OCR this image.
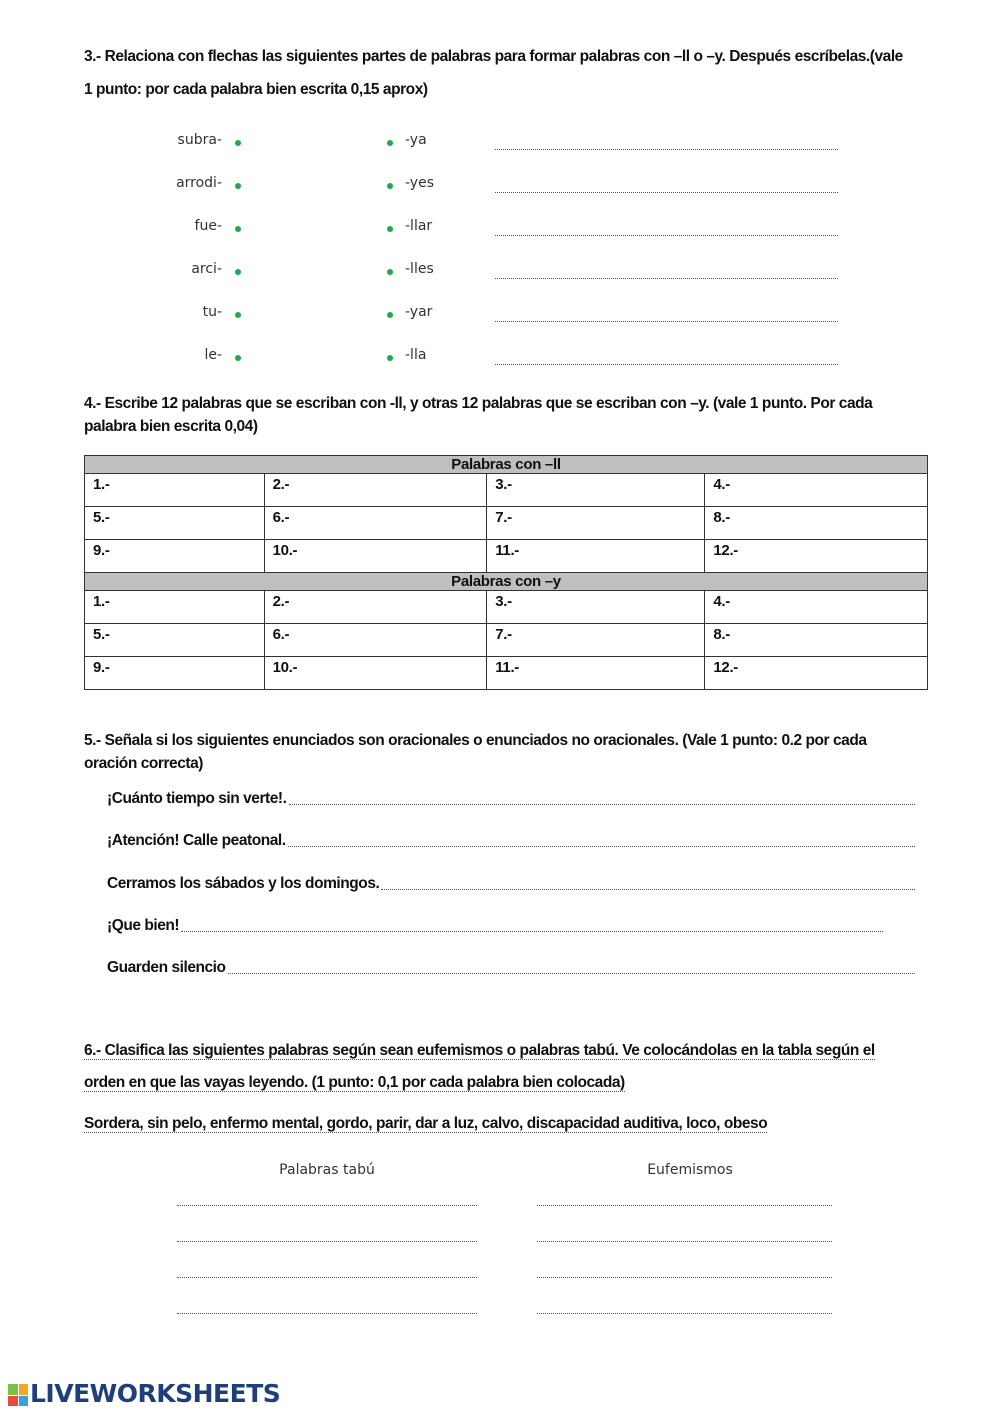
3.- Relaciona con flechas las siguientes partes de palabras para formar palabras con –ll o –y. Después escríbelas.(vale
1 punto: por cada palabra bien escrita 0,15 aprox)
4.- Escribe 12 palabras que se escriban con -ll, y otras 12 palabras que se escriban con –y. (vale 1 punto. Por cada
palabra bien escrita 0,04)
Palabras con –ll			
1.-	2.-	3.-	4.-
5.-	6.-	7.-	8.-
9.-	10.-	11.-	12.-
Palabras con –y			
1.-	2.-	3.-	4.-
5.-	6.-	7.-	8.-
9.-	10.-	11.-	12.-
5.- Señala si los siguientes enunciados son oracionales o enunciados no oracionales. (Vale 1 punto: 0.2 por cada
oración correcta)
6.- Clasifica las siguientes palabras según sean eufemismos o palabras tabú. Ve colocándolas en la tabla según el
orden en que las vayas leyendo. (1 punto: 0,1 por cada palabra bien colocada)
Sordera, sin pelo, enfermo mental, gordo, parir, dar a luz, calvo, discapacidad auditiva, loco, obeso
Palabras tabú	Eufemismos
LIVEWORKSHEETS
subra-	-ya
arrodi-	-yes
fue-	-llar
arci-	-lles
tu-	-yar
le-	-lla
¡Cuánto tiempo sin verte!.
¡Atención! Calle peatonal.
Cerramos los sábados y los domingos.
¡Que bien!
Guarden silencio
